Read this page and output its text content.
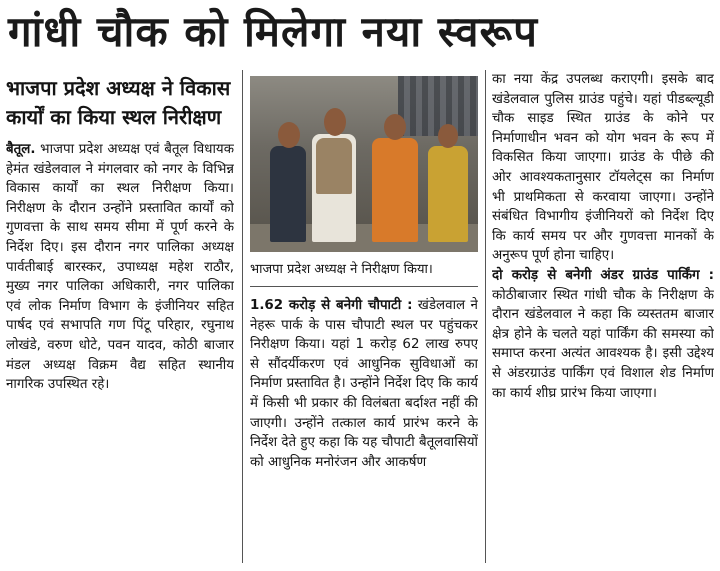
गांधी चौक को मिलेगा नया स्वरूप
भाजपा प्रदेश अध्यक्ष ने विकास कार्यों का किया स्थल निरीक्षण

बैतूल. भाजपा प्रदेश अध्यक्ष एवं बैतूल विधायक हेमंत खंडेलवाल ने मंगलवार को नगर के विभिन्न विकास कार्यों का स्थल निरीक्षण किया। निरीक्षण के दौरान उन्होंने प्रस्तावित कार्यों को गुणवत्ता के साथ समय सीमा में पूर्ण करने के निर्देश दिए। इस दौरान नगर पालिका अध्यक्ष पार्वतीबाई बारस्कर, उपाध्यक्ष महेश राठौर, मुख्य नगर पालिका अधिकारी, नगर पालिका एवं लोक निर्माण विभाग के इंजीनियर सहित पार्षद एवं सभापति गण पिंटू परिहार, रघुनाथ लोखंडे, वरुण धोटे, पवन यादव, कोठी बाजार मंडल अध्यक्ष विक्रम वैद्य सहित स्थानीय नागरिक उपस्थित रहे।

भाजपा प्रदेश अध्यक्ष ने निरीक्षण किया।

1.62 करोड़ से बनेगी चौपाटी : खंडेलवाल ने नेहरू पार्क के पास चौपाटी स्थल पर पहुंचकर निरीक्षण किया। यहां 1 करोड़ 62 लाख रुपए से सौंदर्यीकरण एवं आधुनिक सुविधाओं का निर्माण प्रस्तावित है। उन्होंने निर्देश दिए कि कार्य में किसी भी प्रकार की विलंबता बर्दाश्त नहीं की जाएगी। उन्होंने तत्काल कार्य प्रारंभ करने के निर्देश देते हुए कहा कि यह चौपाटी बैतूलवासियों को आधुनिक मनोरंजन और आकर्षण

का नया केंद्र उपलब्ध कराएगी। इसके बाद खंडेलवाल पुलिस ग्राउंड पहुंचे। यहां पीडब्ल्यूडी चौक साइड स्थित ग्राउंड के कोने पर निर्माणाधीन भवन को योग भवन के रूप में विकसित किया जाएगा। ग्राउंड के पीछे की ओर आवश्यकतानुसार टॉयलेट्स का निर्माण भी प्राथमिकता से करवाया जाएगा। उन्होंने संबंधित विभागीय इंजीनियरों को निर्देश दिए कि कार्य समय पर और गुणवत्ता मानकों के अनुरूप पूर्ण होना चाहिए।

दो करोड़ से बनेगी अंडर ग्राउंड पार्किंग : कोठीबाजार स्थित गांधी चौक के निरीक्षण के दौरान खंडेलवाल ने कहा कि व्यस्ततम बाजार क्षेत्र होने के चलते यहां पार्किंग की समस्या को समाप्त करना अत्यंत आवश्यक है। इसी उद्देश्य से अंडरग्राउंड पार्किंग एवं विशाल शेड निर्माण का कार्य शीघ्र प्रारंभ किया जाएगा।
